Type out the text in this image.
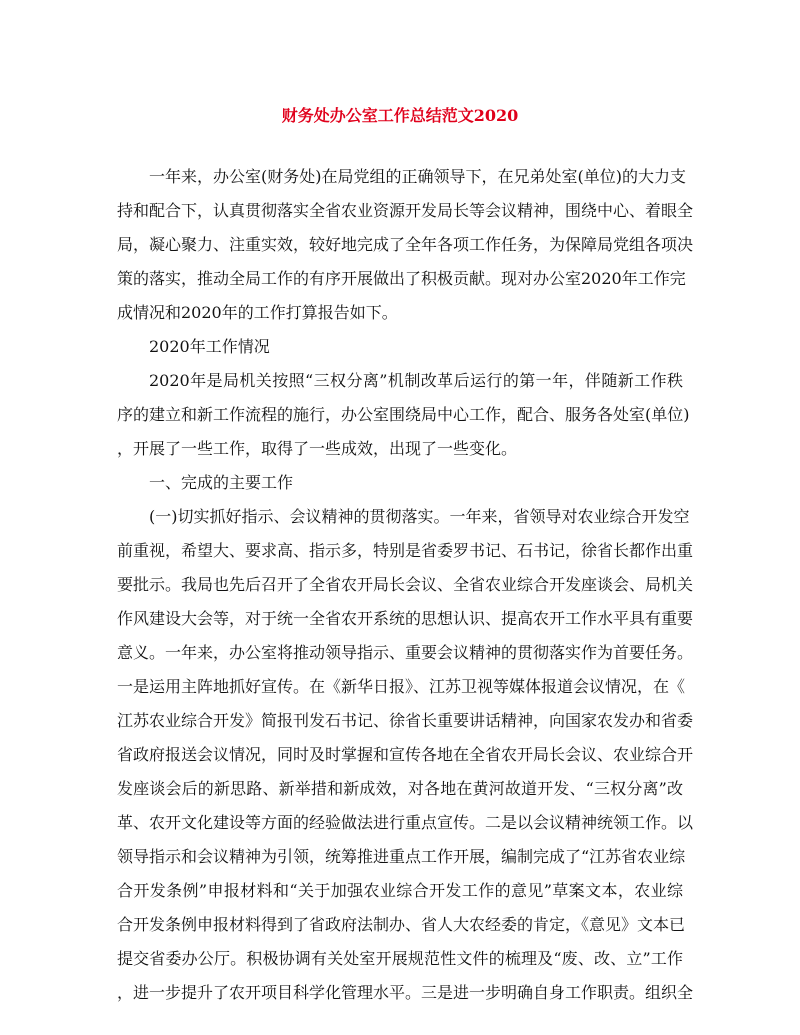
财务处办公室工作总结范文2020
一年来，办公室(财务处)在局党组的正确领导下，在兄弟处室(单位)的大力支
持和配合下，认真贯彻落实全省农业资源开发局长等会议精神，围绕中心、着眼全
局，凝心聚力、注重实效，较好地完成了全年各项工作任务，为保障局党组各项决
策的落实，推动全局工作的有序开展做出了积极贡献。现对办公室2020年工作完
成情况和2020年的工作打算报告如下。
2020年工作情况
2020年是局机关按照“三权分离”机制改革后运行的第一年，伴随新工作秩
序的建立和新工作流程的施行，办公室围绕局中心工作，配合、服务各处室(单位)
，开展了一些工作，取得了一些成效，出现了一些变化。
一、完成的主要工作
(一)切实抓好指示、会议精神的贯彻落实。一年来，省领导对农业综合开发空
前重视，希望大、要求高、指示多，特别是省委罗书记、石书记，徐省长都作出重
要批示。我局也先后召开了全省农开局长会议、全省农业综合开发座谈会、局机关
作风建设大会等，对于统一全省农开系统的思想认识、提高农开工作水平具有重要
意义。一年来，办公室将推动领导指示、重要会议精神的贯彻落实作为首要任务。
一是运用主阵地抓好宣传。在《新华日报》、江苏卫视等媒体报道会议情况，在《
江苏农业综合开发》简报刊发石书记、徐省长重要讲话精神，向国家农发办和省委
省政府报送会议情况，同时及时掌握和宣传各地在全省农开局长会议、农业综合开
发座谈会后的新思路、新举措和新成效，对各地在黄河故道开发、“三权分离”改
革、农开文化建设等方面的经验做法进行重点宣传。二是以会议精神统领工作。以
领导指示和会议精神为引领，统筹推进重点工作开展，编制完成了“江苏省农业综
合开发条例”申报材料和“关于加强农业综合开发工作的意见”草案文本，农业综
合开发条例申报材料得到了省政府法制办、省人大农经委的肯定，《意见》文本已
提交省委办公厅。积极协调有关处室开展规范性文件的梳理及“废、改、立”工作
，进一步提升了农开项目科学化管理水平。三是进一步明确自身工作职责。组织全
